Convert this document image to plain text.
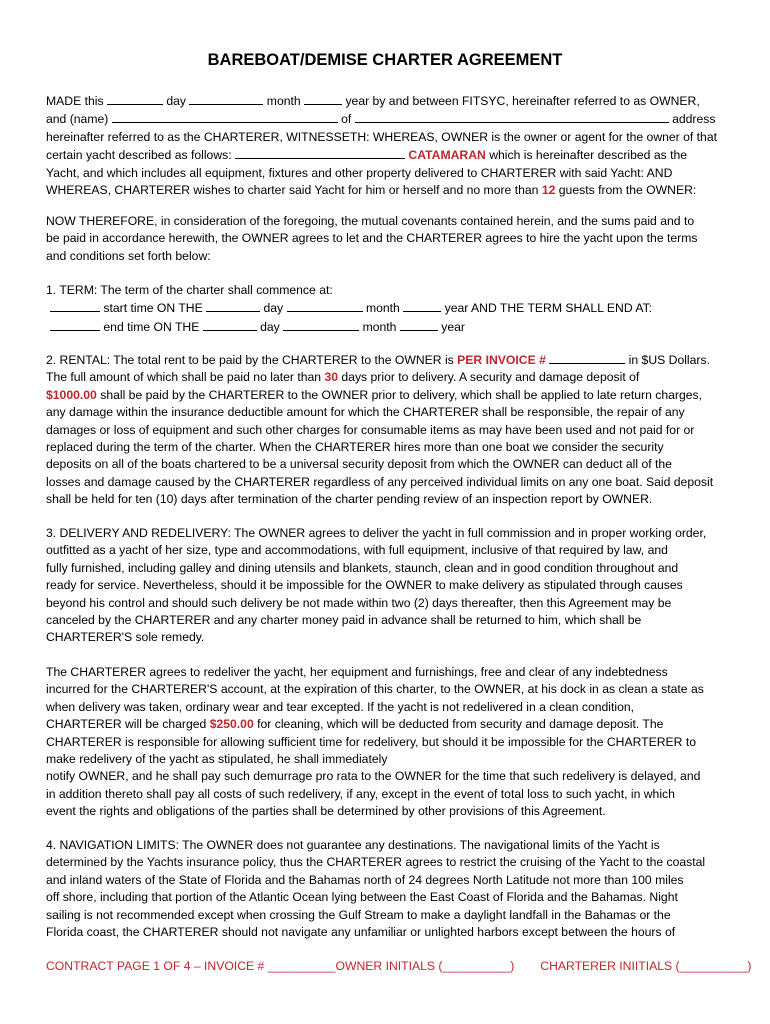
BAREBOAT/DEMISE CHARTER AGREEMENT
MADE this	day	month	year by and between FITSYC, hereinafter referred to as OWNER,
and (name)	of	address
hereinafter referred to as the CHARTERER, WITNESSETH: WHEREAS, OWNER is the owner or agent for the owner of that
certain yacht described as follows:	CATAMARAN which is hereinafter described as the
Yacht, and which includes all equipment, fixtures and other property delivered to CHARTERER with said Yacht: AND
WHEREAS, CHARTERER wishes to charter said Yacht for him or herself and no more than 12 guests from the OWNER:
NOW THEREFORE, in consideration of the foregoing, the mutual covenants contained herein, and the sums paid and to
be paid in accordance herewith, the OWNER agrees to let and the CHARTERER agrees to hire the yacht upon the terms
and conditions set forth below:
1. TERM: The term of the charter shall commence at:
start time ON THE	day	month	year AND THE TERM SHALL END AT:
end time ON THE	day	month	year
2. RENTAL: The total rent to be paid by the CHARTERER to the OWNER is PER INVOICE #	in $US Dollars.
The full amount of which shall be paid no later than 30 days prior to delivery. A security and damage deposit of
$1000.00 shall be paid by the CHARTERER to the OWNER prior to delivery, which shall be applied to late return charges,
any damage within the insurance deductible amount for which the CHARTERER shall be responsible, the repair of any
damages or loss of equipment and such other charges for consumable items as may have been used and not paid for or
replaced during the term of the charter. When the CHARTERER hires more than one boat we consider the security
deposits on all of the boats chartered to be a universal security deposit from which the OWNER can deduct all of the
losses and damage caused by the CHARTERER regardless of any perceived individual limits on any one boat. Said deposit
shall be held for ten (10) days after termination of the charter pending review of an inspection report by OWNER.
3. DELIVERY AND REDELIVERY: The OWNER agrees to deliver the yacht in full commission and in proper working order,
outfitted as a yacht of her size, type and accommodations, with full equipment, inclusive of that required by law, and
fully furnished, including galley and dining utensils and blankets, staunch, clean and in good condition throughout and
ready for service. Nevertheless, should it be impossible for the OWNER to make delivery as stipulated through causes
beyond his control and should such delivery be not made within two (2) days thereafter, then this Agreement may be
canceled by the CHARTERER and any charter money paid in advance shall be returned to him, which shall be
CHARTERER'S sole remedy.
The CHARTERER agrees to redeliver the yacht, her equipment and furnishings, free and clear of any indebtedness
incurred for the CHARTERER'S account, at the expiration of this charter, to the OWNER, at his dock in as clean a state as
when delivery was taken, ordinary wear and tear excepted. If the yacht is not redelivered in a clean condition,
CHARTERER will be charged $250.00 for cleaning, which will be deducted from security and damage deposit. The
CHARTERER is responsible for allowing sufficient time for redelivery, but should it be impossible for the CHARTERER to
make redelivery of the yacht as stipulated, he shall immediately
notify OWNER, and he shall pay such demurrage pro rata to the OWNER for the time that such redelivery is delayed, and
in addition thereto shall pay all costs of such redelivery, if any, except in the event of total loss to such yacht, in which
event the rights and obligations of the parties shall be determined by other provisions of this Agreement.
4. NAVIGATION LIMITS: The OWNER does not guarantee any destinations. The navigational limits of the Yacht is
determined by the Yachts insurance policy, thus the CHARTERER agrees to restrict the cruising of the Yacht to the coastal
and inland waters of the State of Florida and the Bahamas north of 24 degrees North Latitude not more than 100 miles
off shore, including that portion of the Atlantic Ocean lying between the East Coast of Florida and the Bahamas. Night
sailing is not recommended except when crossing the Gulf Stream to make a daylight landfall in the Bahamas or the
Florida coast, the CHARTERER should not navigate any unfamiliar or unlighted harbors except between the hours of
CONTRACT PAGE 1 OF 4 – INVOICE # __________OWNER INITIALS (__________) CHARTERER INIITIALS (__________)
